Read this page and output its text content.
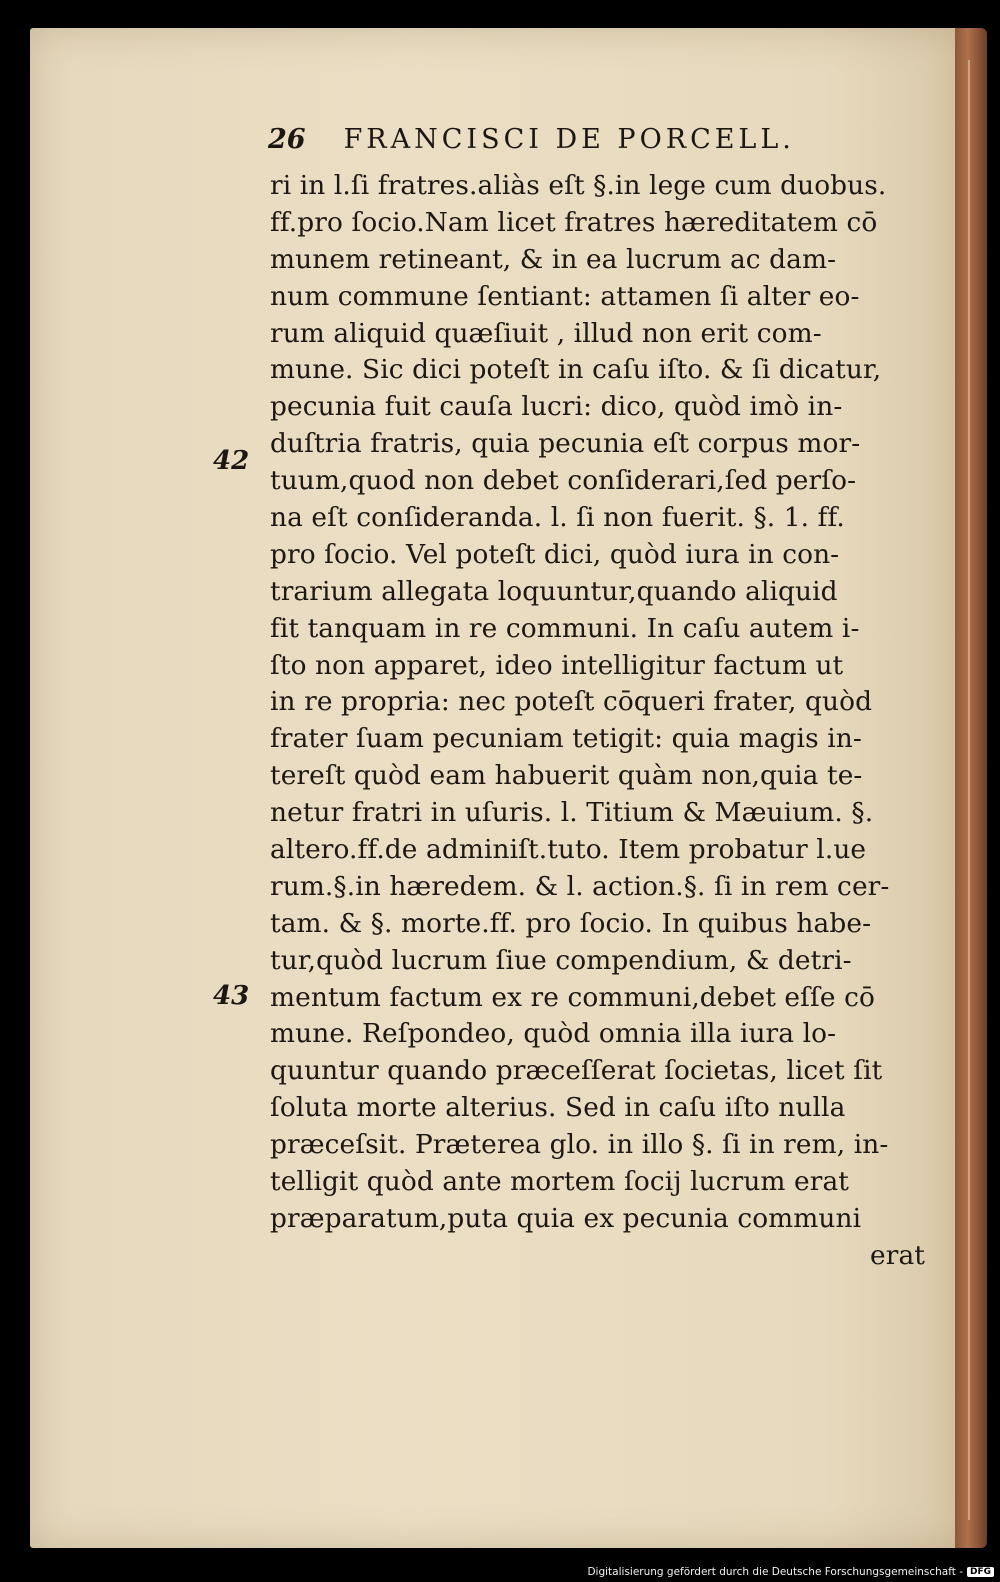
26 FRANCISCI DE PORCELL.
42
43
ri in l.ſi fratres.aliàs eſt §.in lege cum duobus.
ff.pro ſocio.Nam licet fratres hæreditatem cō
munem retineant, & in ea lucrum ac dam-
num commune ſentiant: attamen ſi alter eo-
rum aliquid quæſiuit , illud non erit com-
mune. Sic dici poteſt in caſu iſto. & ſi dicatur,
pecunia fuit cauſa lucri: dico, quòd imò in-
duſtria fratris, quia pecunia eſt corpus mor-
tuum,quod non debet conſiderari,ſed perſo-
na eſt conſideranda. l. ſi non fuerit. §. 1. ff.
pro ſocio. Vel poteſt dici, quòd iura in con-
trarium allegata loquuntur,quando aliquid
fit tanquam in re communi. In caſu autem i-
ſto non apparet, ideo intelligitur factum ut
in re propria: nec poteſt cōqueri frater, quòd
frater ſuam pecuniam tetigit: quia magis in-
tereſt quòd eam habuerit quàm non,quia te-
netur fratri in uſuris. l. Titium & Mæuium. §.
altero.ff.de adminiſt.tuto. Item probatur l.ue
rum.§.in hæredem. & l. action.§. ſi in rem cer-
tam. & §. morte.ff. pro ſocio. In quibus habe-
tur,quòd lucrum ſiue compendium, & detri-
mentum factum ex re communi,debet eſſe cō
mune. Reſpondeo, quòd omnia illa iura lo-
quuntur quando præceſſerat ſocietas, licet ſit
ſoluta morte alterius. Sed in caſu iſto nulla
præceſsit. Præterea glo. in illo §. ſi in rem, in-
telligit quòd ante mortem ſocij lucrum erat
præparatum,puta quia ex pecunia communi
erat
Digitalisierung gefördert durch die Deutsche Forschungsgemeinschaft - DFG
